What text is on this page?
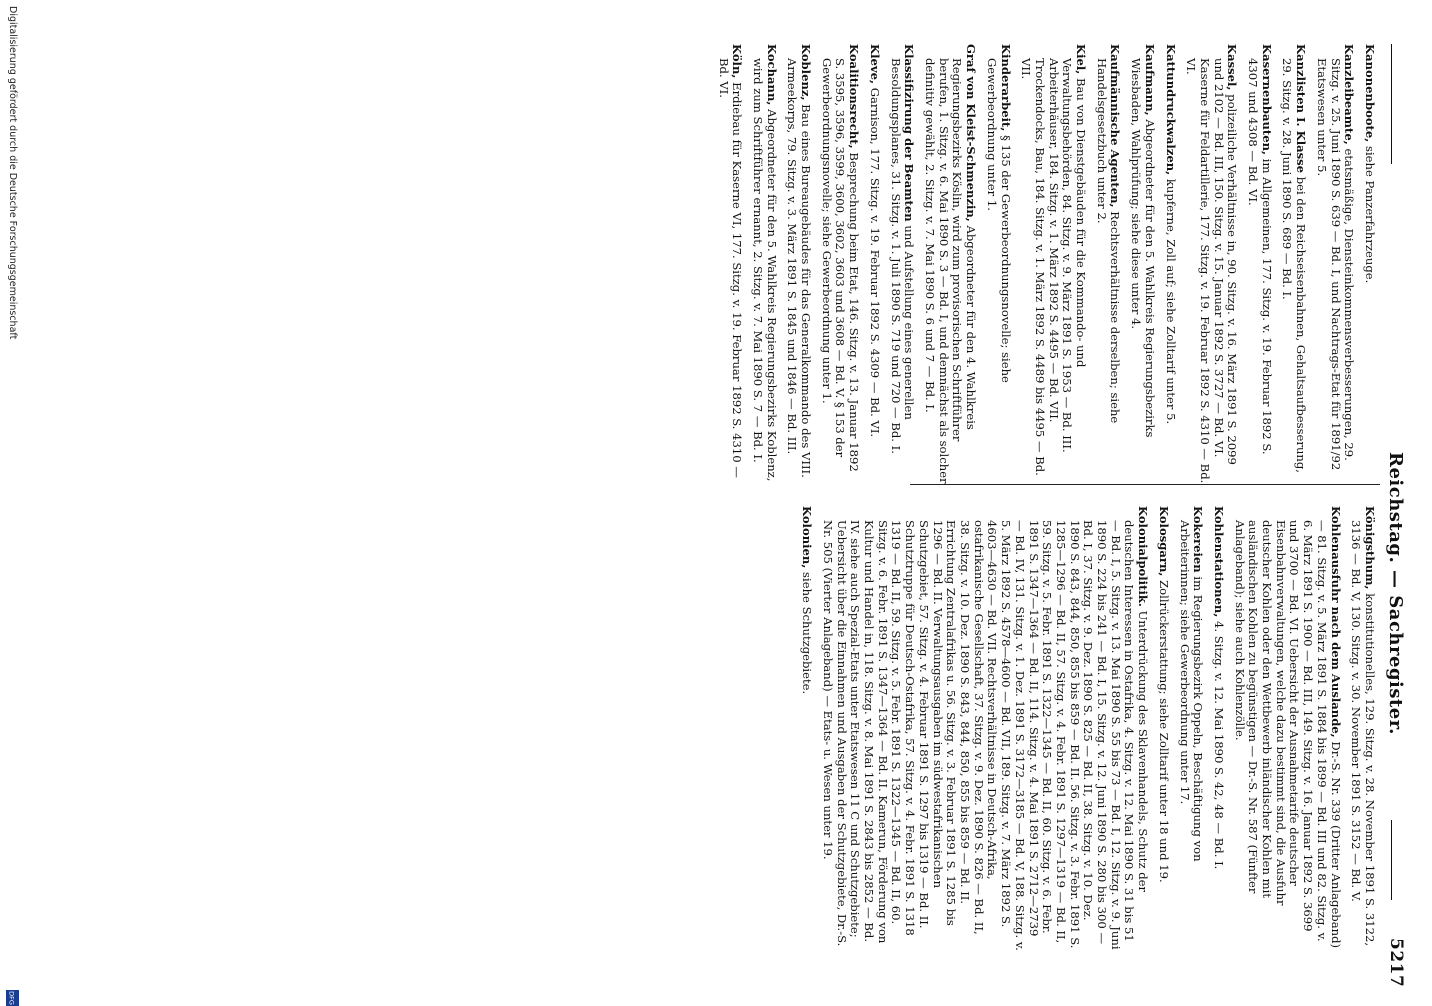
Reichstag. — Sachregister.
5217
Kanonenboote, siehe Panzerfahrzeuge.
Kanzleibeamte, etatsmäßige, Diensteinkommensverbesserungen, 29. Sitzg. v. 25. Juni 1890 S. 639 — Bd. I, und Nachtrags-Etat für 1891/92 Etatswesen unter 5.
Kanzlisten I. Klasse bei den Reichseisenbahnen, Gehaltsaufbesserung, 29. Sitzg. v. 28. Juni 1890 S. 689 — Bd. I.
Kasernenbauten, im Allgemeinen, 177. Sitzg. v. 19. Februar 1892 S. 4307 und 4308 — Bd. VI.
Kassel, polizeiliche Verhältnisse in, 90. Sitzg. v. 16. März 1891 S. 2099 und 2102 — Bd. III, 150. Sitzg. v. 15. Januar 1892 S. 3727 — Bd. VI. Kaserne für Feldartillerie, 177. Sitzg. v. 19. Februar 1892 S. 4310 — Bd. VI.
Kattundruckwalzen, kupferne, Zoll auf; siehe Zolltarif unter 5.
Kaufmann, Abgeordneter für den 5. Wahlkreis Regierungsbezirks Wiesbaden, Wahlprüfung; siehe diese unter 4.
Kaufmännische Agenten, Rechtsverhältnisse derselben; siehe Handelsgesetzbuch unter 2.
Kiel, Bau von Dienstgebäuden für die Kommando- und Verwaltungsbehörden, 84. Sitzg. v. 9. März 1891 S. 1953 — Bd. III. Arbeiterhäuser, 184. Sitzg. v. 1. März 1892 S. 4495 — Bd. VII. Trockendocks, Bau, 184. Sitzg. v. 1. März 1892 S. 4489 bis 4495 — Bd. VII.
Kinderarbeit, § 135 der Gewerbeordnungsnovelle; siehe Gewerbeordnung unter 1.
Graf von Kleist-Schmenzin, Abgeordneter für den 4. Wahlkreis Regierungsbezirks Köslin, wird zum provisorischen Schriftführer berufen, 1. Sitzg. v. 6. Mai 1890 S. 3 — Bd. I, und demnächst als solcher definitiv gewählt, 2. Sitzg. v. 7. Mai 1890 S. 6 und 7 — Bd. I.
Klassifizirung der Beamten und Aufstellung eines generellen Besoldungsplanes, 31. Sitzg. v. 1. Juli 1890 S. 719 und 720 — Bd. I.
Kleve, Garnison, 177. Sitzg. v. 19. Februar 1892 S. 4309 — Bd. VI.
Koalitionsrecht, Besprechung beim Etat, 146. Sitzg. v. 13. Januar 1892 S. 3595, 3596, 3599, 3600, 3602, 3603 und 3608 — Bd. V. § 153 der Gewerbeordnungsnovelle; siehe Gewerbeordnung unter 1.
Koblenz, Bau eines Bureaugebäudes für das Generalkommando des VIII. Armeekorps, 79. Sitzg. v. 3. März 1891 S. 1845 und 1846 — Bd. III.
Kochann, Abgeordneter für den 5. Wahlkreis Regierungsbezirks Koblenz, wird zum Schriftführer ernannt, 2. Sitzg. v. 7. Mai 1890 S. 7 — Bd. I.
Köln, Erdiebau für Kaserne VI, 177. Sitzg. v. 19. Februar 1892 S. 4310 — Bd. VI.
Königsthum, konstitutionelles, 129. Sitzg. v. 28. November 1891 S. 3122, 3136 — Bd. V, 130. Sitzg. v. 30. November 1891 S. 3152 — Bd. V.
Kohlenausfuhr nach dem Auslande, Dr.-S. Nr. 339 (Dritter Anlageband) — 81. Sitzg. v. 5. März 1891 S. 1884 bis 1899 — Bd. III und 82. Sitzg. v. 6. März 1891 S. 1900 — Bd. III, 149. Sitzg. v. 16. Januar 1892 S. 3699 und 3700 — Bd. VI. Uebersicht der Ausnahmetarife deutscher Eisenbahnverwaltungen, welche dazu bestimmt sind, die Ausfuhr deutscher Kohlen oder den Wettbewerb inländischer Kohlen mit ausländischen Kohlen zu begünstigen — Dr.-S. Nr. 587 (Fünfter Anlageband); siehe auch Kohlenzölle.
Kohlenstationen, 4. Sitzg. v. 12. Mai 1890 S. 42, 48 — Bd. I.
Kokereien im Regierungsbezirk Oppeln, Beschäftigung von Arbeiterinnen; siehe Gewerbeordnung unter 17.
Kolosgarn, Zollrückerstattung; siehe Zolltarif unter 18 und 19.
Kolonialpolitik. Unterdrückung des Sklavenhandels, Schutz der deutschen Interessen in Ostafrika, 4. Sitzg. v. 12. Mai 1890 S. 31 bis 51 — Bd. I, 5. Sitzg. v. 13. Mai 1890 S. 55 bis 73 — Bd. I, 12. Sitzg. v. 9. Juni 1890 S. 224 bis 241 — Bd. I, 15. Sitzg. v. 12. Juni 1890 S. 280 bis 300 — Bd. I, 37. Sitzg. v. 9. Dez. 1890 S. 825 — Bd. II, 38. Sitzg. v. 10. Dez. 1890 S. 843, 844, 850, 855 bis 859 — Bd. II. 56. Sitzg. v. 3. Febr. 1891 S. 1285—1296 — Bd. II, 57. Sitzg. v. 4. Febr. 1891 S. 1297—1319 — Bd. II, 59. Sitzg. v. 5. Febr. 1891 S. 1322—1345 — Bd. II, 60. Sitzg. v. 6. Febr. 1891 S. 1347—1364 — Bd. II, 114. Sitzg. v. 4. Mai 1891 S. 2712—2739 — Bd. IV, 131. Sitzg. v. 1. Dez. 1891 S. 3172—3185 — Bd. V, 188. Sitzg. v. 5. März 1892 S. 4578—4600 — Bd. VII, 189. Sitzg. v. 7. März 1892 S. 4603—4630 — Bd. VII. Rechtsverhältnisse in Deutsch-Afrika, ostafrikanische Gesellschaft, 37. Sitzg. v. 9. Dez. 1890 S. 826 — Bd. II, 38. Sitzg. v. 10. Dez. 1890 S. 843, 844, 850, 855 bis 859 — Bd. II. Errichtung Zentralafrikas u. 56. Sitzg. v. 3. Februar 1891 S. 1285 bis 1296 — Bd. II. Verwaltungsausgaben im südwestafrikanischen Schutzgebiet, 57. Sitzg. v. 4. Februar 1891 S. 1297 bis 1319 — Bd. II. Schutztruppe für Deutsch-Ostafrika, 57. Sitzg. v. 4. Febr. 1891 S. 1318 1319 — Bd. II, 59. Sitzg. v. 5. Febr. 1891 S. 1322—1345 — Bd. II, 60. Sitzg. v. 6. Febr. 1891 S. 1347—1364 — Bd. II. Kamerun, Förderung von Kultur und Handel in, 118. Sitzg. v. 8. Mai 1891 S. 2843 bis 2852 — Bd. IV. siehe auch Spezial-Etats unter Etatswesen 11 C und Schutzgebiete; Uebersicht über die Einnahmen und Ausgaben der Schutzgebiete, Dr.-S. Nr. 505 (Vierter Anlageband) — Etats- u. Wesen unter 19.
Kolonien, siehe Schutzgebiete.
Digitalisierung gefördert durch die Deutsche Forschungsgemeinschaft
DFG
